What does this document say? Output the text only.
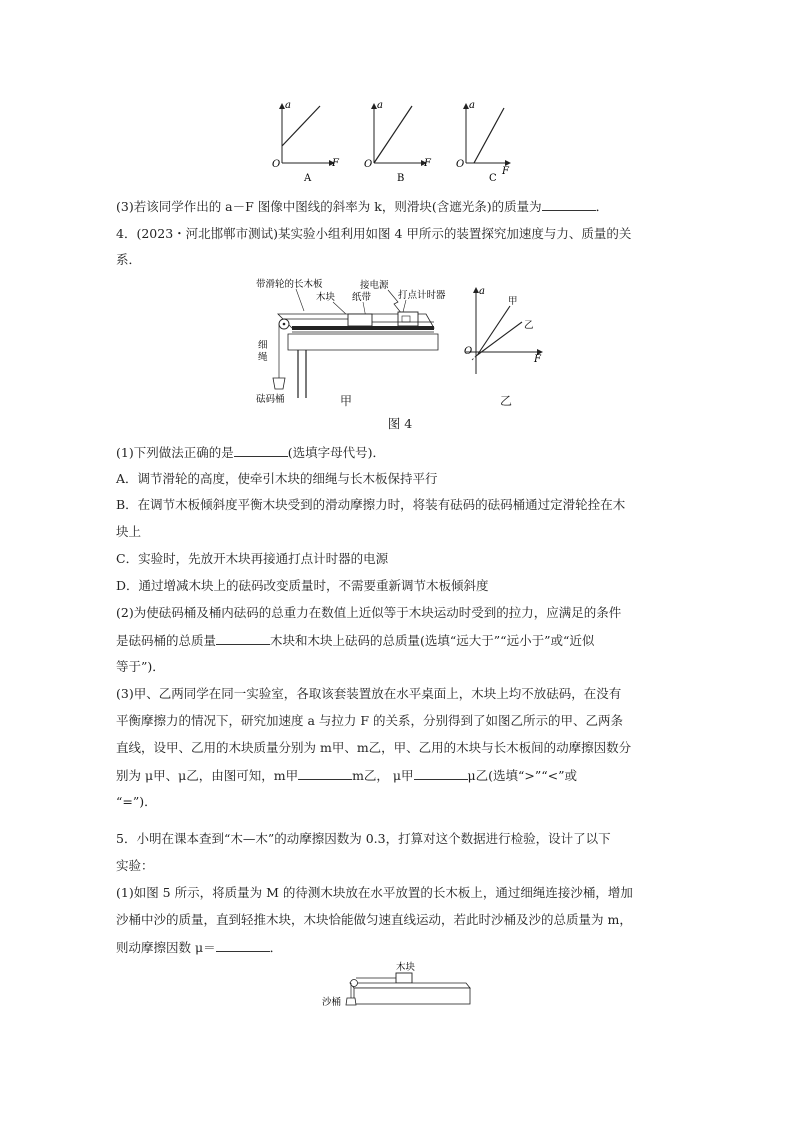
a
F
O
A
a
F
O
B
a
F
O
C
(3)若该同学作出的 a－F 图像中图线的斜率为 k，则滑块(含遮光条)的质量为	．
4．(2023・河北邯郸市测试)某实验小组利用如图 4 甲所示的装置探究加速度与力、质量的关
系．
带滑轮的长木板
木块 纸带
接电源
打点计时器
细
绳
砝码桶	甲
a
F
O
甲
乙
乙
图 4
(1)下列做法正确的是	(选填字母代号)．
A．调节滑轮的高度，使牵引木块的细绳与长木板保持平行
B．在调节木板倾斜度平衡木块受到的滑动摩擦力时，将装有砝码的砝码桶通过定滑轮拴在木
块上
C．实验时，先放开木块再接通打点计时器的电源
D．通过增减木块上的砝码改变质量时，不需要重新调节木板倾斜度
(2)为使砝码桶及桶内砝码的总重力在数值上近似等于木块运动时受到的拉力，应满足的条件
是砝码桶的总质量	木块和木块上砝码的总质量(选填“远大于”“远小于”或“近似
等于”)．
(3)甲、乙两同学在同一实验室，各取该套装置放在水平桌面上，木块上均不放砝码，在没有
平衡摩擦力的情况下，研究加速度 a 与拉力 F 的关系，分别得到了如图乙所示的甲、乙两条
直线，设甲、乙用的木块质量分别为 m甲、m乙，甲、乙用的木块与长木板间的动摩擦因数分
别为 μ甲、μ乙，由图可知，m甲	m乙， μ甲	μ乙(选填“>”“<”或
“=”)．
5．小明在课本查到“木—木”的动摩擦因数为 0.3，打算对这个数据进行检验，设计了以下
实验：
(1)如图 5 所示，将质量为 M 的待测木块放在水平放置的长木板上，通过细绳连接沙桶，增加
沙桶中沙的质量，直到轻推木块，木块恰能做匀速直线运动，若此时沙桶及沙的总质量为 m，
则动摩擦因数 μ＝	．
木块
沙桶
